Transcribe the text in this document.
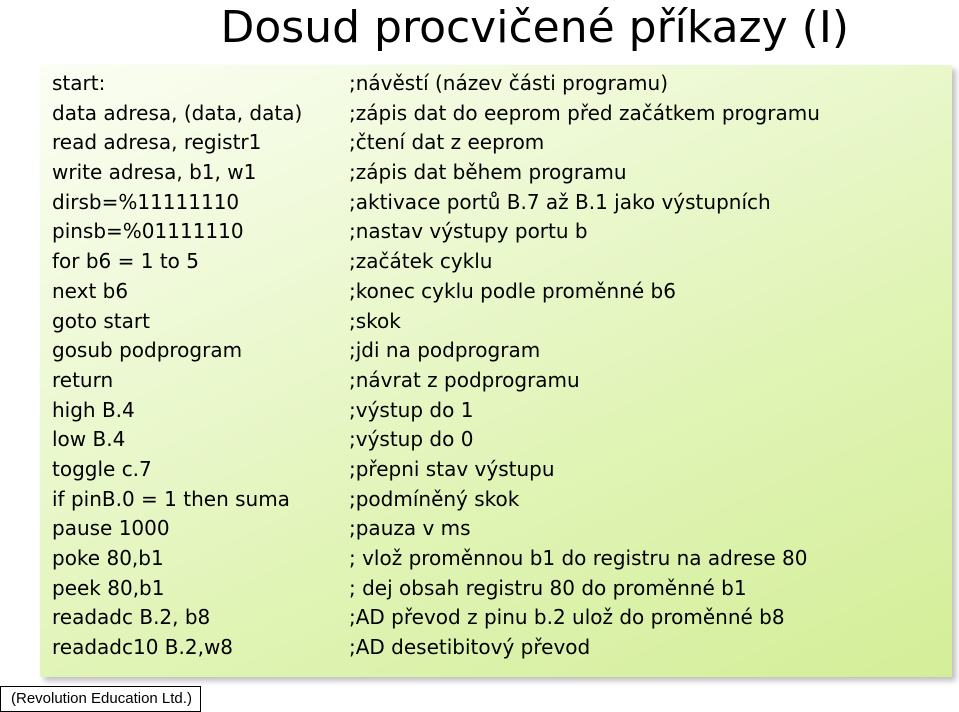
Dosud procvičené příkazy (I)
start:	;návěstí (název části programu)
data adresa, (data, data) ;zápis dat do eeprom před začátkem programu
read adresa, registr1	;čtení dat z eeprom
write adresa, b1, w1	;zápis dat během programu
dirsb=%11111110	;aktivace portů B.7 až B.1 jako výstupních
pinsb=%01111110	;nastav výstupy portu b
for b6 = 1 to 5	;začátek cyklu
next b6	;konec cyklu podle proměnné b6
goto start	;skok
gosub podprogram	;jdi na podprogram
return	;návrat z podprogramu
high B.4	;výstup do 1
low B.4	;výstup do 0
toggle c.7	;přepni stav výstupu
if pinB.0 = 1 then suma	;podmíněný skok
pause 1000	;pauza v ms
poke 80,b1	; vlož proměnnou b1 do registru na adrese 80
peek 80,b1	; dej obsah registru 80 do proměnné b1
readadc B.2, b8	;AD převod z pinu b.2 ulož do proměnné b8
readadc10 B.2,w8	;AD desetibitový převod
(Revolution Education Ltd.)
